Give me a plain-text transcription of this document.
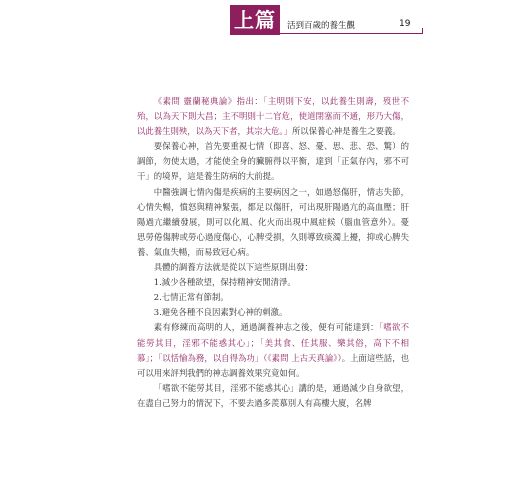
上篇	活到百歲的養生觀	19

《素問 靈蘭秘典論》指出：「主明則下安，以此養生則壽，歿世不殆，以為天下則大昌；主不明則十二官危，使道閉塞而不通，形乃大傷，以此養生則殃，以為天下者，其宗大危。」所以保養心神是養生之要義。

要保養心神，首先要重視七情（即喜、怒、憂、思、悲、恐、驚）的調節，勿使太過，才能使全身的臟腑得以平衡，達到「正氣存內，邪不可干」的境界，這是養生防病的大前提。

中醫強調七情內傷是疾病的主要病因之一，如過怒傷肝，情志失節，心情失暢，憤怒與精神緊張，都足以傷肝，可出現肝陽過亢的高血壓；肝陽過亢繼續發展，則可以化風、化火而出現中風症候（腦血管意外）。憂思勞倦傷脾或勞心過度傷心，心脾受損，久則導致痰濁上擾，抑或心脾失養、氣血失暢，而易致冠心病。

具體的調養方法就是從以下這些原則出發：

1.減少各種欲望，保持精神安閒清淨。

2.七情正常有節制。

3.避免各種不良因素對心神的刺激。

素有修練而高明的人，通過調養神志之後，便有可能達到：「嗜欲不能勞其目，淫邪不能惑其心」；「美其食、任其服、樂其俗，高下不相慕」；「以恬愉為務，以自得為功」（《素問 上古天真論》）。上面這些話，也可以用來評判我們的神志調養效果究竟如何。

「嗜欲不能勞其目，淫邪不能惑其心」講的是，通過減少自身欲望，在盡自己努力的情況下，不要去過多羨慕別人有高樓大廈，名牌
